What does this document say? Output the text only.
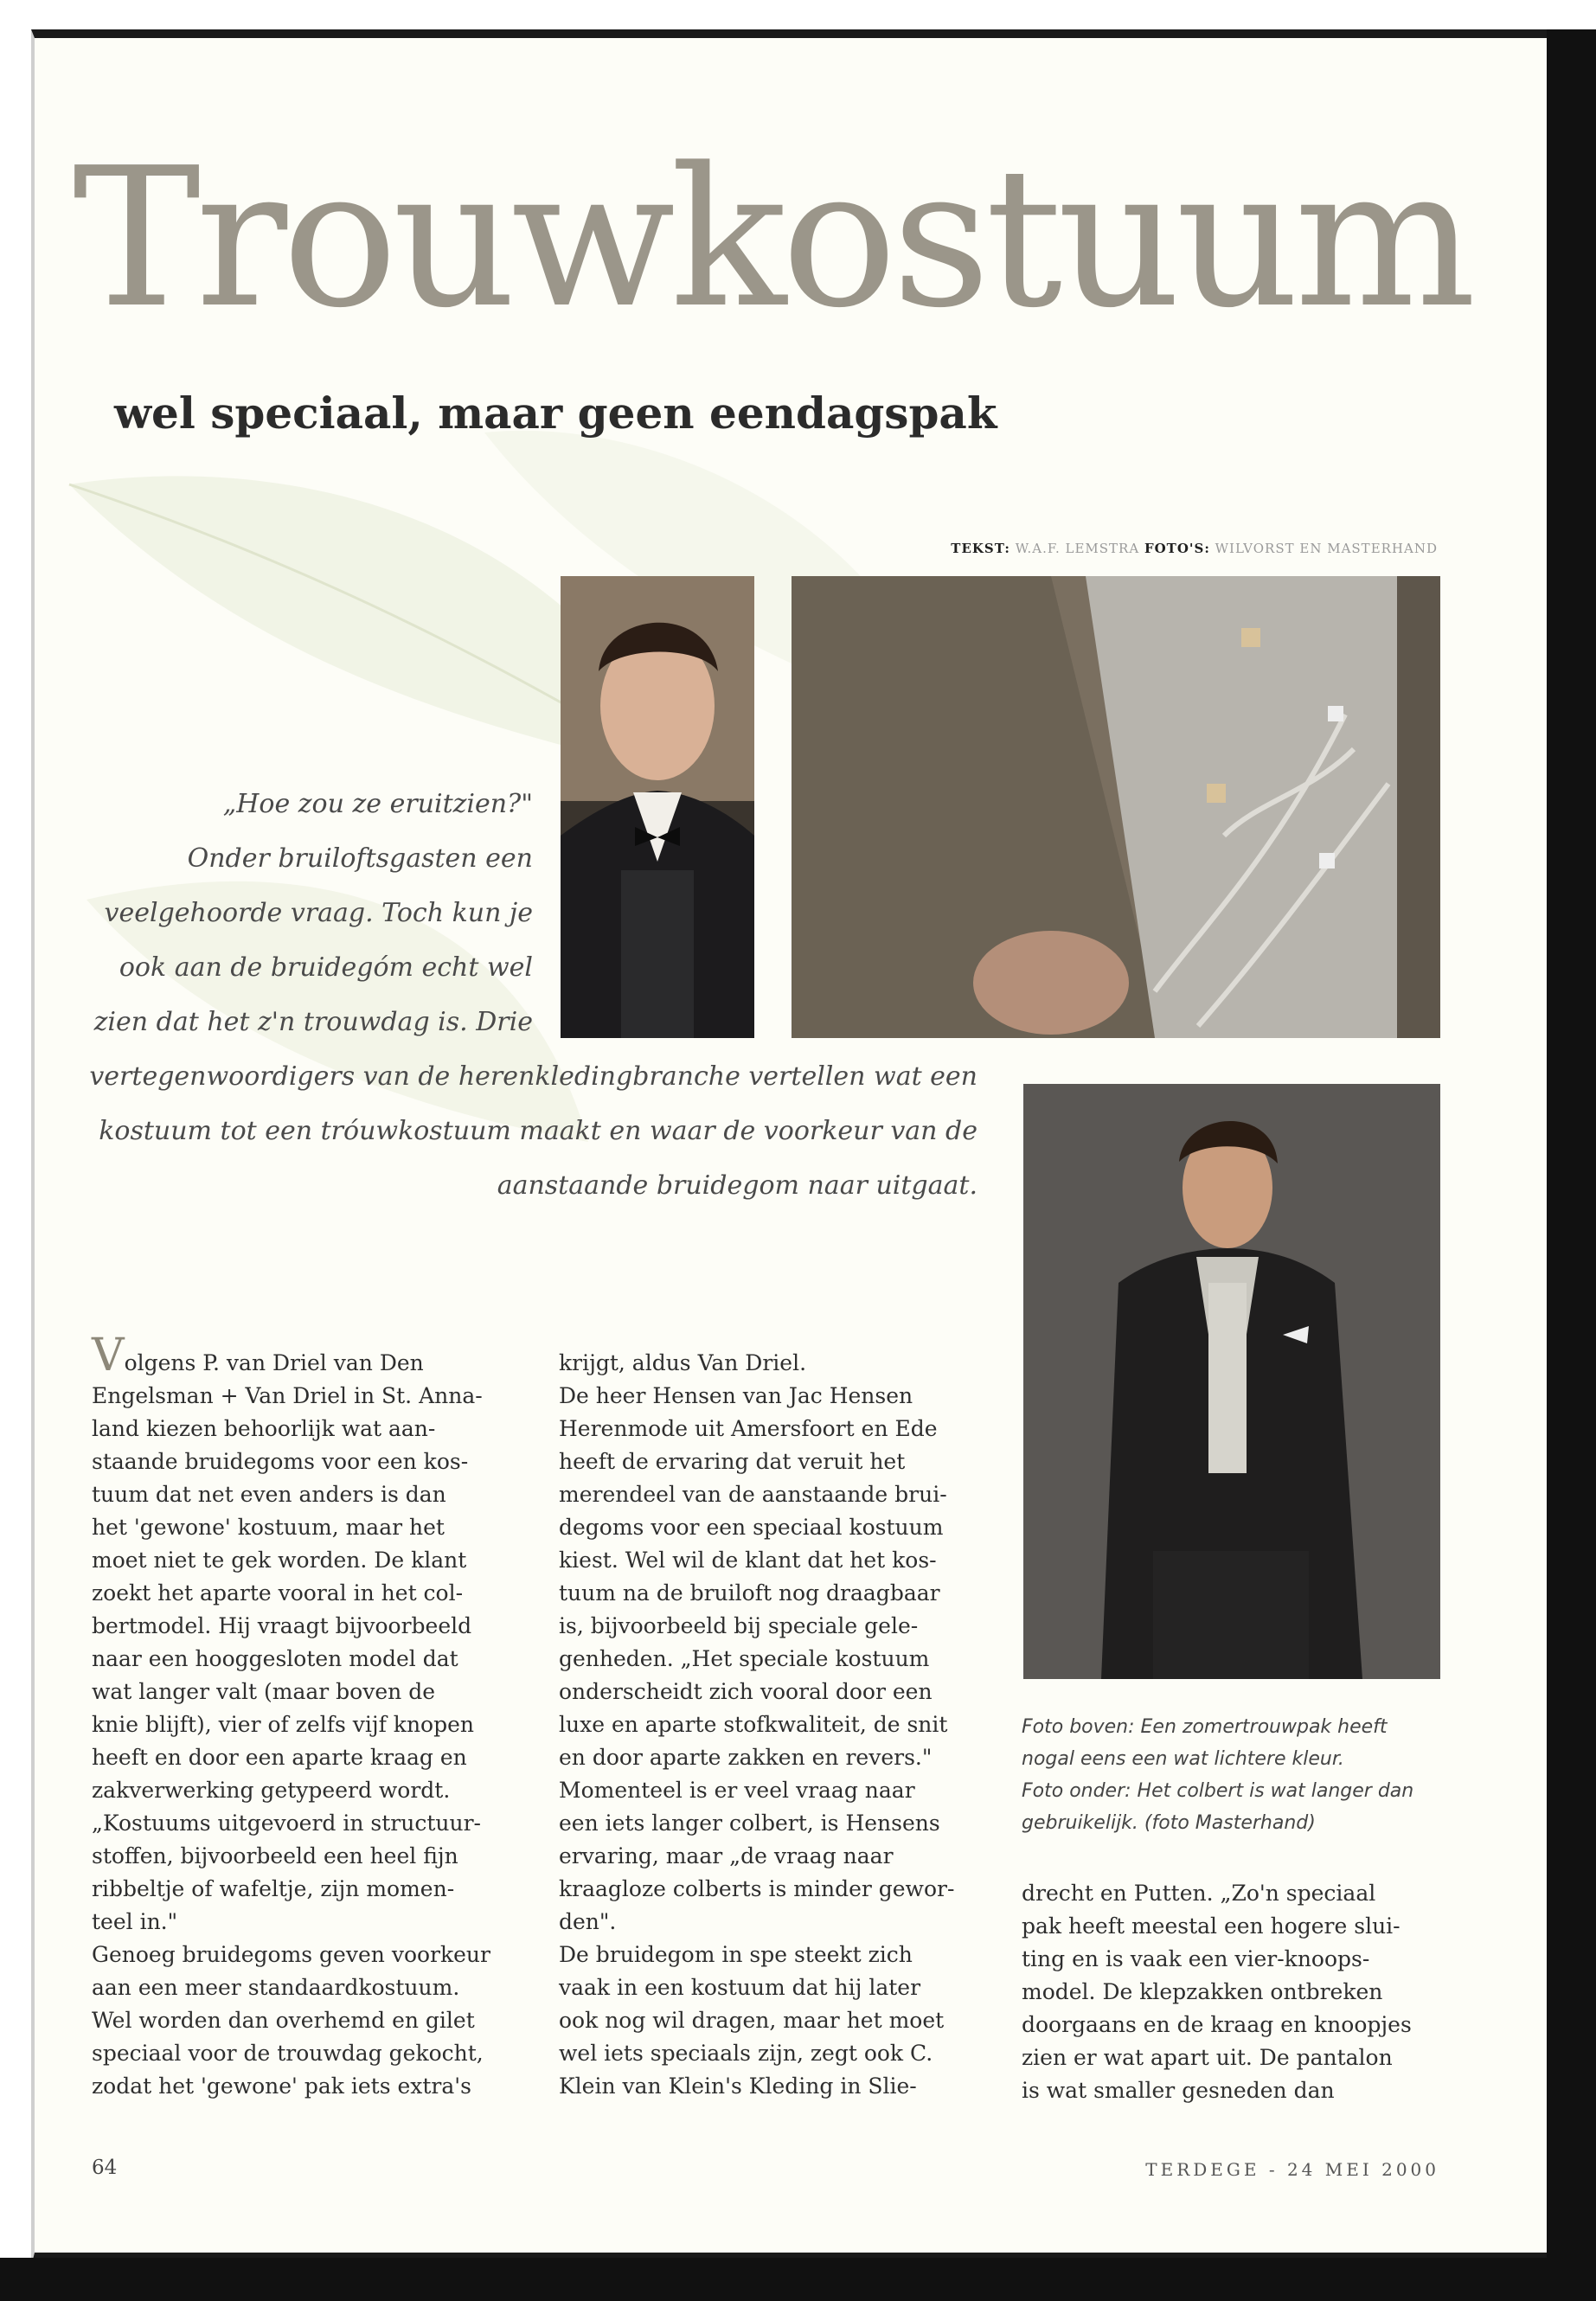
Trouwkostuum
wel speciaal, maar geen eendagspak
TEKST: W.A.F. LEMSTRA FOTO'S: WILVORST EN MASTERHAND
„Hoe zou ze eruitzien?"
Onder bruiloftsgasten een
veelgehoorde vraag. Toch kun je
ook aan de bruidegóm echt wel
zien dat het z'n trouwdag is. Drie
vertegenwoordigers van de herenkledingbranche vertellen wat een
kostuum tot een tróuwkostuum maakt en waar de voorkeur van de
aanstaande bruidegom naar uitgaat.
Volgens P. van Driel van Den
Engelsman + Van Driel in St. Anna-
land kiezen behoorlijk wat aan-
staande bruidegoms voor een kos-
tuum dat net even anders is dan
het 'gewone' kostuum, maar het
moet niet te gek worden. De klant
zoekt het aparte vooral in het col-
bertmodel. Hij vraagt bijvoorbeeld
naar een hooggesloten model dat
wat langer valt (maar boven de
knie blijft), vier of zelfs vijf knopen
heeft en door een aparte kraag en
zakverwerking getypeerd wordt.
„Kostuums uitgevoerd in structuur-
stoffen, bijvoorbeeld een heel fijn
ribbeltje of wafeltje, zijn momen-
teel in."
Genoeg bruidegoms geven voorkeur
aan een meer standaardkostuum.
Wel worden dan overhemd en gilet
speciaal voor de trouwdag gekocht,
zodat het 'gewone' pak iets extra's
krijgt, aldus Van Driel.
De heer Hensen van Jac Hensen
Herenmode uit Amersfoort en Ede
heeft de ervaring dat veruit het
merendeel van de aanstaande brui-
degoms voor een speciaal kostuum
kiest. Wel wil de klant dat het kos-
tuum na de bruiloft nog draagbaar
is, bijvoorbeeld bij speciale gele-
genheden. „Het speciale kostuum
onderscheidt zich vooral door een
luxe en aparte stofkwaliteit, de snit
en door aparte zakken en revers."
Momenteel is er veel vraag naar
een iets langer colbert, is Hensens
ervaring, maar „de vraag naar
kraagloze colberts is minder gewor-
den".
De bruidegom in spe steekt zich
vaak in een kostuum dat hij later
ook nog wil dragen, maar het moet
wel iets speciaals zijn, zegt ook C.
Klein van Klein's Kleding in Slie-
Foto boven: Een zomertrouwpak heeft
nogal eens een wat lichtere kleur.
Foto onder: Het colbert is wat langer dan
gebruikelijk. (foto Masterhand)
drecht en Putten. „Zo'n speciaal
pak heeft meestal een hogere slui-
ting en is vaak een vier-knoops-
model. De klepzakken ontbreken
doorgaans en de kraag en knoopjes
zien er wat apart uit. De pantalon
is wat smaller gesneden dan
64	TERDEGE - 24 MEI 2000
